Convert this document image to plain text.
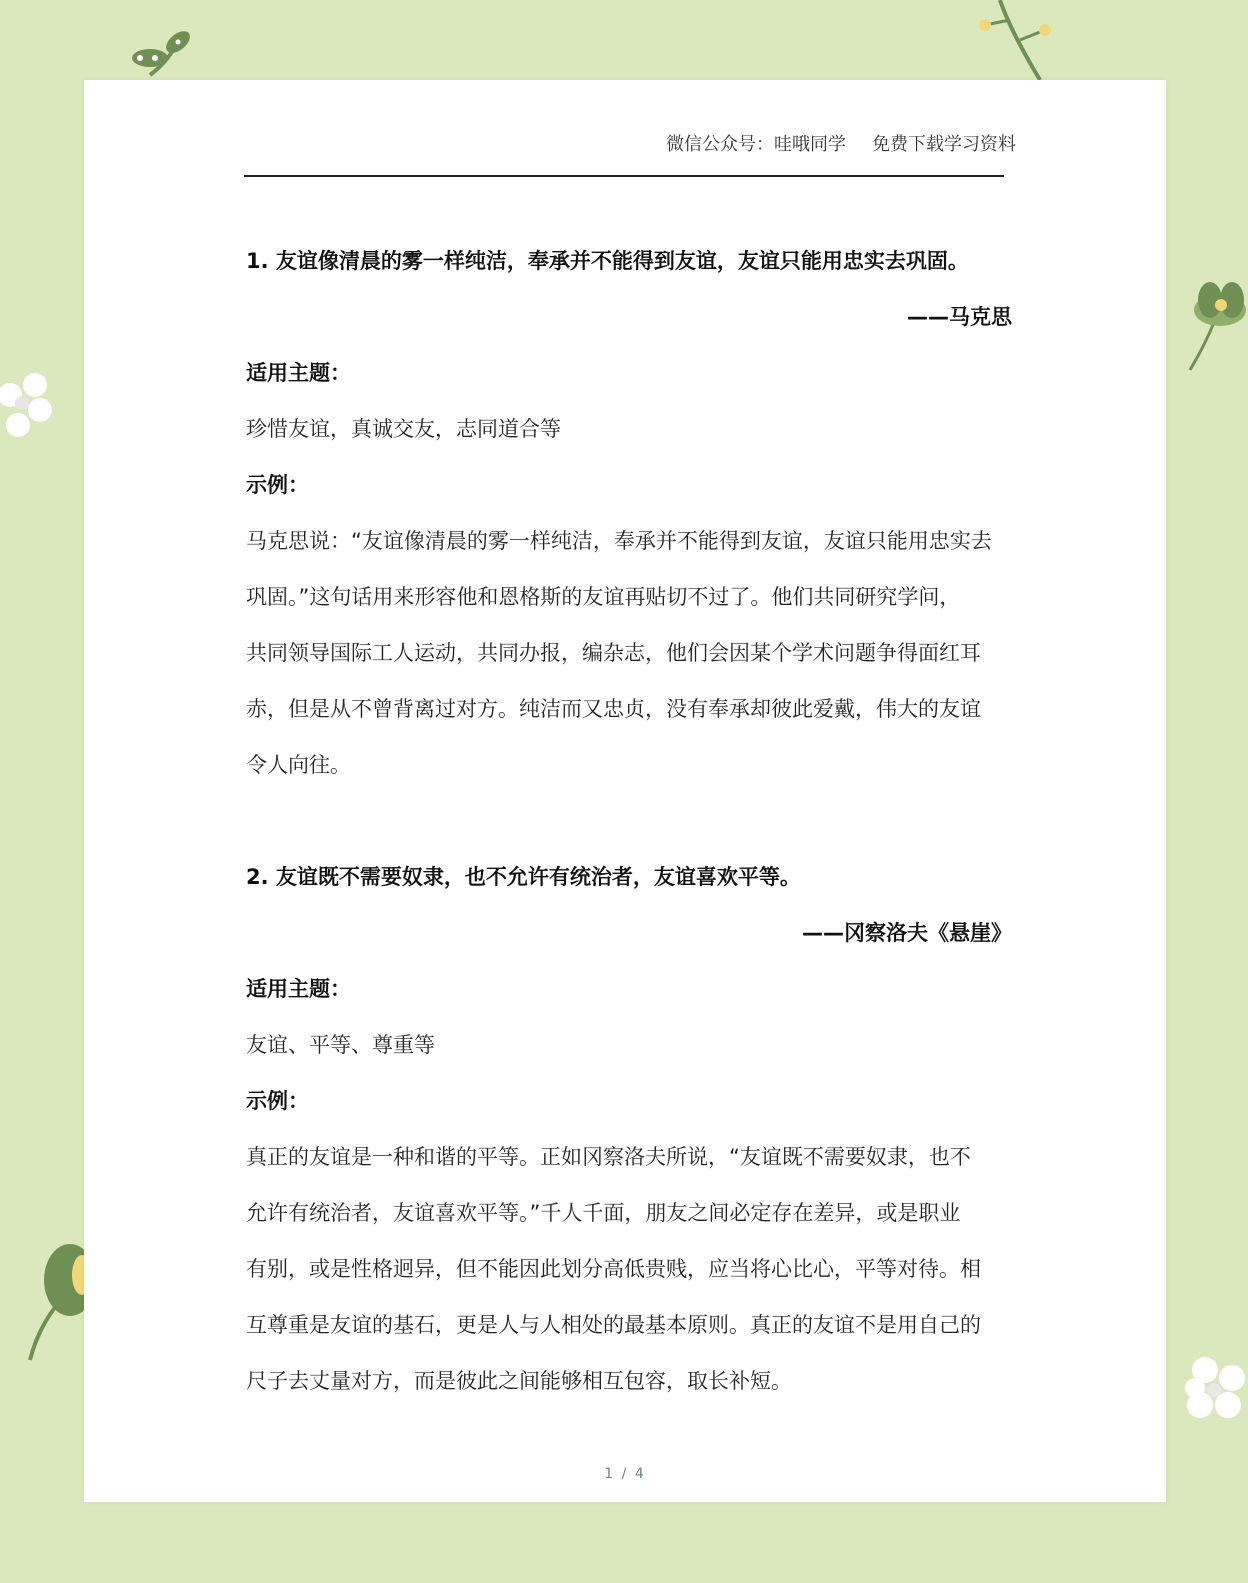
微信公众号：哇哦同学 免费下载学习资料
1. 友谊像清晨的雾一样纯洁，奉承并不能得到友谊，友谊只能用忠实去巩固。
——马克思
适用主题：
珍惜友谊，真诚交友，志同道合等
示例：
马克思说：“友谊像清晨的雾一样纯洁，奉承并不能得到友谊，友谊只能用忠实去
巩固。”这句话用来形容他和恩格斯的友谊再贴切不过了。他们共同研究学问，
共同领导国际工人运动，共同办报，编杂志，他们会因某个学术问题争得面红耳
赤，但是从不曾背离过对方。纯洁而又忠贞，没有奉承却彼此爱戴，伟大的友谊
令人向往。
2. 友谊既不需要奴隶，也不允许有统治者，友谊喜欢平等。
——冈察洛夫《悬崖》
适用主题：
友谊、平等、尊重等
示例：
真正的友谊是一种和谐的平等。正如冈察洛夫所说，“友谊既不需要奴隶，也不
允许有统治者，友谊喜欢平等。”千人千面，朋友之间必定存在差异，或是职业
有别，或是性格迥异，但不能因此划分高低贵贱，应当将心比心，平等对待。相
互尊重是友谊的基石，更是人与人相处的最基本原则。真正的友谊不是用自己的
尺子去丈量对方，而是彼此之间能够相互包容，取长补短。
1 / 4
